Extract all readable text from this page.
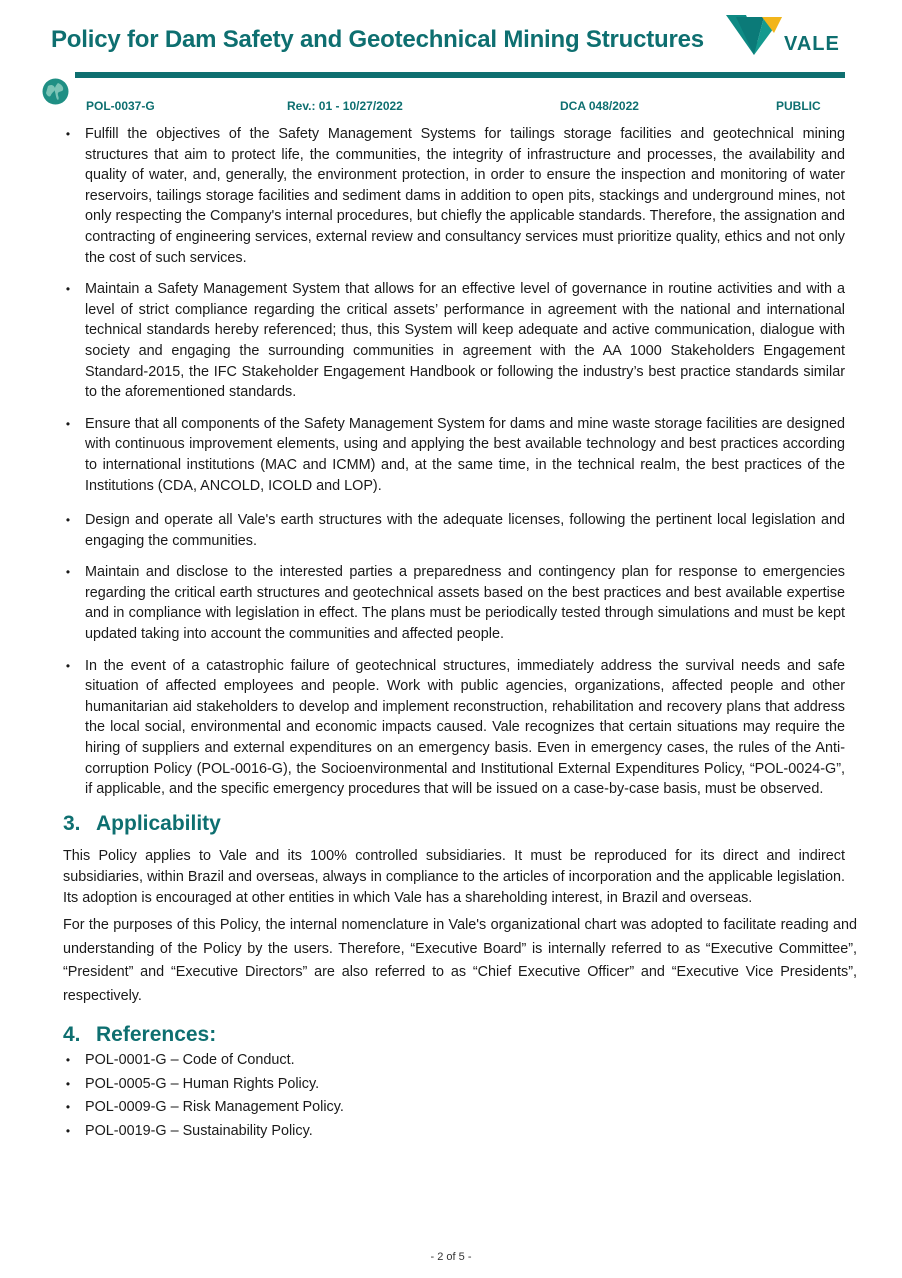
Policy for Dam Safety and Geotechnical Mining Structures	VALE
POL-0037-G	Rev.: 01 - 10/27/2022	DCA 048/2022	PUBLIC
• Fulfill the objectives of the Safety Management Systems for tailings storage facilities and geotechnical mining structures that aim to protect life, the communities, the integrity of infrastructure and processes, the availability and quality of water, and, generally, the environment protection, in order to ensure the inspection and monitoring of water reservoirs, tailings storage facilities and sediment dams in addition to open pits, stackings and underground mines, not only respecting the Company's internal procedures, but chiefly the applicable standards. Therefore, the assignation and contracting of engineering services, external review and consultancy services must prioritize quality, ethics and not only the cost of such services.
• Maintain a Safety Management System that allows for an effective level of governance in routine activities and with a level of strict compliance regarding the critical assets’ performance in agreement with the national and international technical standards hereby referenced; thus, this System will keep adequate and active communication, dialogue with society and engaging the surrounding communities in agreement with the AA 1000 Stakeholders Engagement Standard-2015, the IFC Stakeholder Engagement Handbook or following the industry’s best practice standards similar to the aforementioned standards.
• Ensure that all components of the Safety Management System for dams and mine waste storage facilities are designed with continuous improvement elements, using and applying the best available technology and best practices according to international institutions (MAC and ICMM) and, at the same time, in the technical realm, the best practices of the Institutions (CDA, ANCOLD, ICOLD and LOP).
• Design and operate all Vale's earth structures with the adequate licenses, following the pertinent local legislation and engaging the communities.
• Maintain and disclose to the interested parties a preparedness and contingency plan for response to emergencies regarding the critical earth structures and geotechnical assets based on the best practices and best available expertise and in compliance with legislation in effect. The plans must be periodically tested through simulations and must be kept updated taking into account the communities and affected people.
• In the event of a catastrophic failure of geotechnical structures, immediately address the survival needs and safe situation of affected employees and people. Work with public agencies, organizations, affected people and other humanitarian aid stakeholders to develop and implement reconstruction, rehabilitation and recovery plans that address the local social, environmental and economic impacts caused. Vale recognizes that certain situations may require the hiring of suppliers and external expenditures on an emergency basis. Even in emergency cases, the rules of the Anti-corruption Policy (POL-0016-G), the Socioenvironmental and Institutional External Expenditures Policy, “POL-0024-G”, if applicable, and the specific emergency procedures that will be issued on a case-by-case basis, must be observed.
3. Applicability

This Policy applies to Vale and its 100% controlled subsidiaries. It must be reproduced for its direct and indirect subsidiaries, within Brazil and overseas, always in compliance to the articles of incorporation and the applicable legislation. Its adoption is encouraged at other entities in which Vale has a shareholding interest, in Brazil and overseas.

For the purposes of this Policy, the internal nomenclature in Vale's organizational chart was adopted to facilitate reading and understanding of the Policy by the users. Therefore, “Executive Board” is internally referred to as “Executive Committee”, “President” and “Executive Directors” are also referred to as “Chief Executive Officer” and “Executive Vice Presidents”, respectively.

4. References:
• POL-0001-G – Code of Conduct.
• POL-0005-G – Human Rights Policy.
• POL-0009-G – Risk Management Policy.
• POL-0019-G – Sustainability Policy.
- 2 of 5 -
